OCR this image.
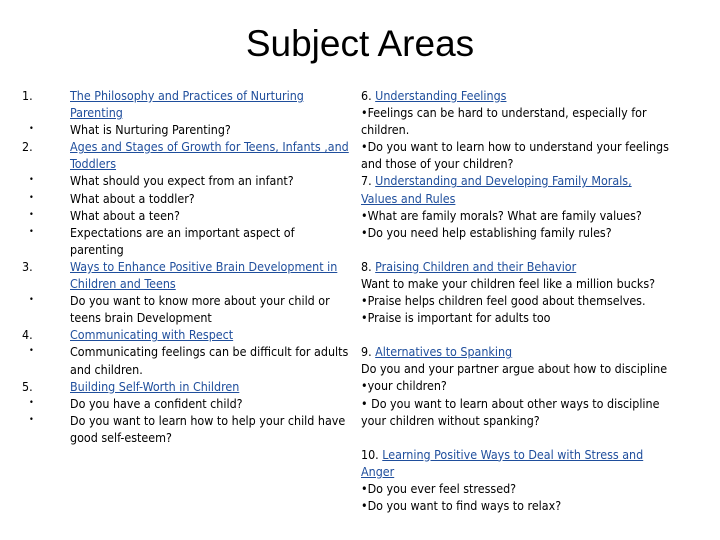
Subject Areas
1.	The Philosophy and Practices of Nurturing
Parenting
•	What is Nurturing Parenting?
2.	Ages and Stages of Growth for Teens, Infants ,and
Toddlers
•	What should you expect from an infant?
•	What about a toddler?
•	What about a teen?
•	Expectations are an important aspect of
parenting
3.	Ways to Enhance Positive Brain Development in
Children and Teens
•	Do you want to know more about your child or
teens brain Development
4.	Communicating with Respect
•	Communicating feelings can be difficult for adults
and children.
5.	Building Self-Worth in Children
•	Do you have a confident child?
•	Do you want to learn how to help your child have
good self-esteem?
6. Understanding Feelings
•Feelings can be hard to understand, especially for
children.
•Do you want to learn how to understand your feelings
and those of your children?
7. Understanding and Developing Family Morals,
Values and Rules
•What are family morals? What are family values?
•Do you need help establishing family rules?
8. Praising Children and their Behavior
Want to make your children feel like a million bucks?
•Praise helps children feel good about themselves.
•Praise is important for adults too
9. Alternatives to Spanking
Do you and your partner argue about how to discipline
•your children?
• Do you want to learn about other ways to discipline
your children without spanking?
10. Learning Positive Ways to Deal with Stress and
Anger
•Do you ever feel stressed?
•Do you want to find ways to relax?
